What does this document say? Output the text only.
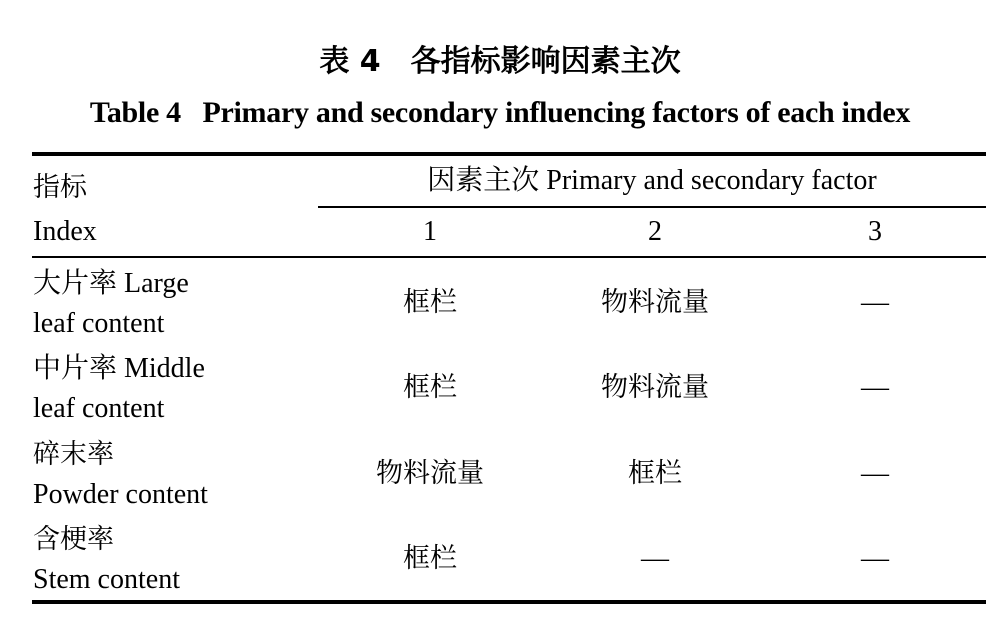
表 4　各指标影响因素主次
Table 4   Primary and secondary influencing factors of each index
指标
Index
因素主次 Primary and secondary factor
1	2	3
大片率 Large
leaf content
框栏	物料流量	—
中片率 Middle
leaf content
框栏	物料流量	—
碎末率
Powder content
物料流量	框栏	—
含梗率
Stem content
框栏	—	—
